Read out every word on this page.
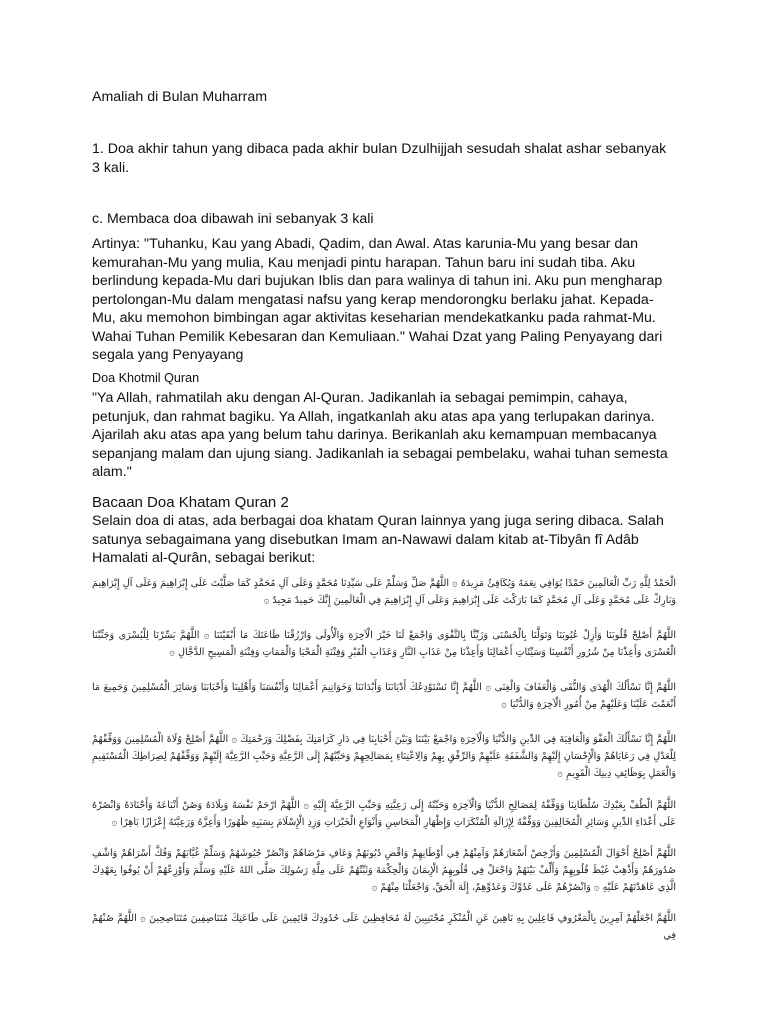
Amaliah di Bulan Muharram

1. Doa akhir tahun yang dibaca pada akhir bulan Dzulhijjah sesudah shalat ashar sebanyak 3 kali.

c. Membaca doa dibawah ini sebanyak 3 kali

Artinya: "Tuhanku, Kau yang Abadi, Qadim, dan Awal. Atas karunia-Mu yang besar dan kemurahan-Mu yang mulia, Kau menjadi pintu harapan. Tahun baru ini sudah tiba. Aku berlindung kepada-Mu dari bujukan Iblis dan para walinya di tahun ini. Aku pun mengharap pertolongan-Mu dalam mengatasi nafsu yang kerap mendorongku berlaku jahat. Kepada-Mu, aku memohon bimbingan agar aktivitas keseharian mendekatkanku pada rahmat-Mu. Wahai Tuhan Pemilik Kebesaran dan Kemuliaan." Wahai Dzat yang Paling Penyayang dari segala yang Penyayang

Doa Khotmil Quran

"Ya Allah, rahmatilah aku dengan Al-Quran. Jadikanlah ia sebagai pemimpin, cahaya, petunjuk, dan rahmat bagiku. Ya Allah, ingatkanlah aku atas apa yang terlupakan darinya. Ajarilah aku atas apa yang belum tahu darinya. Berikanlah aku kemampuan membacanya sepanjang malam dan ujung siang. Jadikanlah ia sebagai pembelaku, wahai tuhan semesta alam."

Bacaan Doa Khatam Quran 2

Selain doa di atas, ada berbagai doa khatam Quran lainnya yang juga sering dibaca. Salah satunya sebagaimana yang disebutkan Imam an-Nawawi dalam kitab at-Tibyân fî Adâb Hamalati al-Qurân, sebagai berikut:

الْحَمْدُ لِلَّهِ رَبِّ الْعَالَمِينَ حَمْدًا يُوَافِي نِعَمَهُ وَيُكَافِئُ مَزِيدَهُ ۞ اللَّهُمَّ صَلِّ وَسَلِّمْ عَلَى سَيِّدِنَا مُحَمَّدٍ وَعَلَى آلِ مُحَمَّدٍ كَمَا صَلَّيْتَ عَلَى إِبْرَاهِيمَ وَعَلَى آلِ إِبْرَاهِيمَ وَبَارِكْ عَلَى مُحَمَّدٍ وَعَلَى آلِ مُحَمَّدٍ كَمَا بَارَكْتَ عَلَى إِبْرَاهِيمَ وَعَلَى آلِ إِبْرَاهِيمَ فِي الْعَالَمِينَ إِنَّكَ حَمِيدٌ مَجِيدٌ ۞
اللَّهُمَّ أَصْلِحْ قُلُوبَنَا وَأَزِلْ عُيُوبَنَا وَتَوَلَّنَا بِالْحُسْنَى وَزَيِّنَّا بِالتَّقْوَى وَاجْمَعْ لَنَا خَيْرَ الْآخِرَةِ وَالْأُولَى وَارْزُقْنَا طَاعَتَكَ مَا أَبْقَيْتَنَا ۞ اللَّهُمَّ يَسِّرْنَا لِلْيُسْرَى وَجَنِّبْنَا الْعُسْرَى وَأَعِذْنَا مِنْ شُرُورِ أَنْفُسِنَا وَسَيِّئَاتِ أَعْمَالِنَا وَأَعِذْنَا مِنْ عَذَابِ النَّارِ وَعَذَابِ الْقَبْرِ وَفِتْنَةِ الْمَحْيَا وَالْمَمَاتِ وَفِتْنَةِ الْمَسِيحِ الدَّجَّالِ ۞
اللَّهُمَّ إِنَّا نَسْأَلُكَ الْهُدَى وَالتُّقَى وَالْعَفَافَ وَالْغِنَى ۞ اللَّهُمَّ إِنَّا نَسْتَوْدِعُكَ أَدْيَانَنَا وَأَبْدَانَنَا وَخَوَاتِيمَ أَعْمَالِنَا وَأَنْفُسَنَا وَأَهْلِينَا وَأَحْبَابَنَا وَسَائِرَ الْمُسْلِمِينَ وَجَمِيعَ مَا أَنْعَمْتَ عَلَيْنَا وَعَلَيْهِمْ مِنْ أُمُورِ الْآخِرَةِ وَالدُّنْيَا ۞
اللَّهُمَّ إِنَّا نَسْأَلُكَ الْعَفْوَ وَالْعَافِيَةَ فِي الدِّينِ وَالدُّنْيَا وَالْآخِرَةِ وَاجْمَعْ بَيْنَنَا وَبَيْنَ أَحْبَابِنَا فِي دَارِ كَرَامَتِكَ بِفَضْلِكَ وَرَحْمَتِكَ ۞ اللَّهُمَّ أَصْلِحْ وُلَاةَ الْمُسْلِمِينَ وَوَفِّقْهُمْ لِلْعَدْلِ فِي رَعَايَاهُمْ وَالْإِحْسَانِ إِلَيْهِمْ وَالشَّفَقَةِ عَلَيْهِمْ وَالرِّفْقِ بِهِمْ وَالِاعْتِنَاءِ بِمَصَالِحِهِمْ وَحَبِّبْهُمْ إِلَى الرَّعِيَّةِ وَحَبِّبِ الرَّعِيَّةَ إِلَيْهِمْ وَوَفِّقْهُمْ لِصِرَاطِكَ الْمُسْتَقِيمِ وَالْعَمَلِ بِوَظَائِفِ دِينِكَ الْقَوِيمِ ۞
اللَّهُمَّ الْطُفْ بِعَبْدِكَ سُلْطَانِنَا وَوَفِّقْهُ لِمَصَالِحِ الدُّنْيَا وَالْآخِرَةِ وَحَبِّبْهُ إِلَى رَعِيَّتِهِ وَحَبِّبِ الرَّعِيَّةَ إِلَيْهِ ۞ اللَّهُمَّ ارْحَمْ نَفْسَهُ وَبِلَادَهُ وَصُنْ أَتْبَاعَهُ وَأَجْنَادَهُ وَانْصُرْهُ عَلَى أَعْدَاءِ الدِّينِ وَسَائِرِ الْمُخَالِفِينَ وَوَفِّقْهُ لِإِزَالَةِ الْمُنْكَرَاتِ وَإِظْهَارِ الْمَحَاسِنِ وَأَنْوَاعِ الْخَيْرَاتِ وَزِدِ الْإِسْلَامَ بِسَبَبِهِ ظُهُورًا وَأَعِزَّهُ وَرَعِيَّتَهُ إِعْزَازًا بَاهِرًا ۞
اللَّهُمَّ أَصْلِحْ أَحْوَالَ الْمُسْلِمِينَ وَأَرْخِصْ أَسْعَارَهُمْ وَآمِنْهُمْ فِي أَوْطَانِهِمْ وَاقْضِ دُيُونَهُمْ وَعَافِ مَرْضَاهُمْ وَانْصُرْ جُيُوشَهُمْ وَسَلِّمْ غُيَّابَهُمْ وَفُكَّ أَسْرَاهُمْ وَاشْفِ صُدُورَهُمْ وَأَذْهِبْ غَيْظَ قُلُوبِهِمْ وَأَلِّفْ بَيْنَهُمْ وَاجْعَلْ فِي قُلُوبِهِمُ الْإِيمَانَ وَالْحِكْمَةَ وَثَبِّتْهُمْ عَلَى مِلَّةِ رَسُولِكَ صَلَّى اللهُ عَلَيْهِ وَسَلَّمَ وَأَوْزِعْهُمْ أَنْ يُوفُوا بِعَهْدِكَ الَّذِي عَاهَدْتَهُمْ عَلَيْهِ ۞ وَانْصُرْهُمْ عَلَى عَدُوِّكَ وَعَدُوِّهِمْ، إِلَهَ الْحَقِّ، وَاجْعَلْنَا مِنْهُمْ ۞
اللَّهُمَّ اجْعَلْهُمْ آمِرِينَ بِالْمَعْرُوفِ فَاعِلِينَ بِهِ نَاهِينَ عَنِ الْمُنْكَرِ مُجْتَنِبِينَ لَهُ مُحَافِظِينَ عَلَى حُدُودِكَ قَائِمِينَ عَلَى طَاعَتِكَ مُتَنَاصِفِينَ مُتَنَاصِحِينَ ۞ اللَّهُمَّ صُنْهُمْ فِي
